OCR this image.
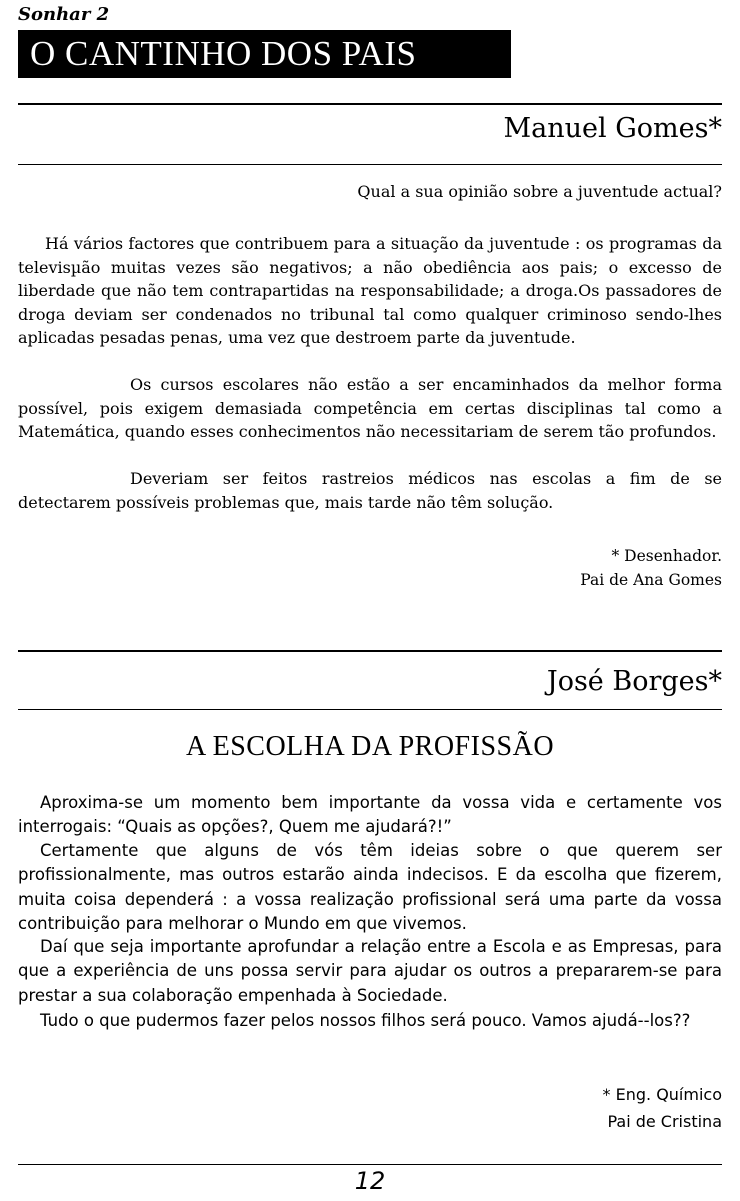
Sonhar 2
O CANTINHO DOS PAIS
Manuel Gomes*
Qual a sua opinião sobre a juventude actual?

Há vários factores que contribuem para a situação da juventude : os programas da televisµão muitas vezes são negativos; a não obediência aos pais; o excesso de liberdade que não tem contrapartidas na responsabilidade; a droga.Os passadores de droga deviam ser condenados no tribunal tal como qualquer criminoso sendo-lhes aplicadas pesadas penas, uma vez que destroem parte da juventude.

Os cursos escolares não estão a ser encaminhados da melhor forma possível, pois exigem demasiada competência em certas disciplinas tal como a Matemática, quando esses conhecimentos não necessitariam de serem tão profundos.

Deveriam ser feitos rastreios médicos nas escolas a fim de se detectarem possíveis problemas que, mais tarde não têm solução.

* Desenhador.
Pai de Ana Gomes
José Borges*
A ESCOLHA DA PROFISSÃO

Aproxima-se um momento bem importante da vossa vida e certamente vos interrogais: “Quais as opções?, Quem me ajudará?!”

Certamente que alguns de vós têm ideias sobre o que querem ser profissionalmente, mas outros estarão ainda indecisos. E da escolha que fizerem, muita coisa dependerá : a vossa realização profissional será uma parte da vossa contribuição para melhorar o Mundo em que vivemos.

Daí que seja importante aprofundar a relação entre a Escola e as Empresas, para que a experiência de uns possa servir para ajudar os outros a prepararem-se para prestar a sua colaboração empenhada à Sociedade.

Tudo o que pudermos fazer pelos nossos filhos será pouco. Vamos ajudá--los??

* Eng. Químico
Pai de Cristina
12
